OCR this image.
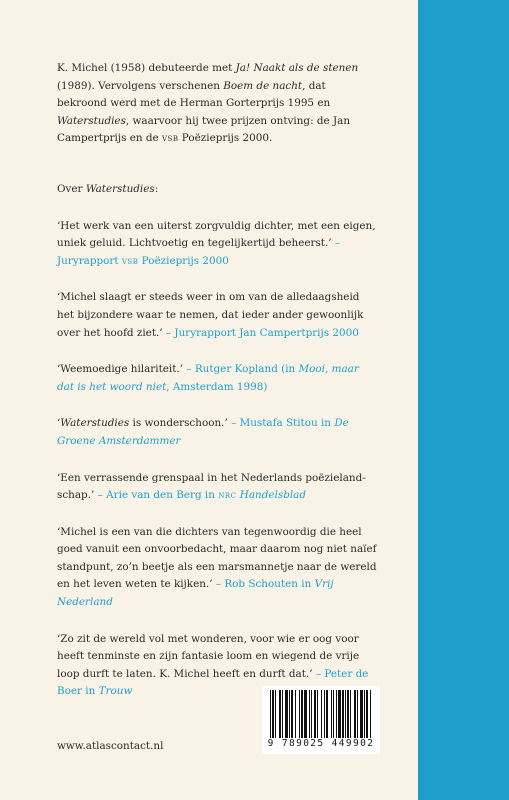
K. Michel (1958) debuteerde met Ja! Naakt als de stenen (1989). Vervolgens verschenen Boem de nacht, dat bekroond werd met de Herman Gorterprijs 1995 en Waterstudies, waarvoor hij twee prijzen ontving: de Jan Campertprijs en de vsb Poëzieprijs 2000.

Over Waterstudies:

‘Het werk van een uiterst zorgvuldig dichter, met een eigen, uniek geluid. Lichtvoetig en tegelijkertijd beheerst.’ – Juryrapport vsb Poëzieprijs 2000

‘Michel slaagt er steeds weer in om van de alledaagsheid het bijzondere waar te nemen, dat ieder ander gewoonlijk over het hoofd ziet.’ – Juryrapport Jan Campertprijs 2000

‘Weemoedige hilariteit.’ – Rutger Kopland (in Mooi, maar dat is het woord niet, Amsterdam 1998)

‘Waterstudies is wonderschoon.’ – Mustafa Stitou in De Groene Amsterdammer

‘Een verrassende grenspaal in het Nederlands poëzieland-schap.’ – Arie van den Berg in nrc Handelsblad

‘Michel is een van die dichters van tegenwoordig die heel goed vanuit een onvoorbedacht, maar daarom nog niet naïef standpunt, zo’n beetje als een marsmannetje naar de wereld en het leven weten te kijken.’ – Rob Schouten in Vrij Nederland

‘Zo zit de wereld vol met wonderen, voor wie er oog voor heeft tenminste en zijn fantasie loom en wiegend de vrije loop durft te laten. K. Michel heeft en durft dat.’ – Peter de Boer in Trouw

www.atlascontact.nl	9 789025 449902
